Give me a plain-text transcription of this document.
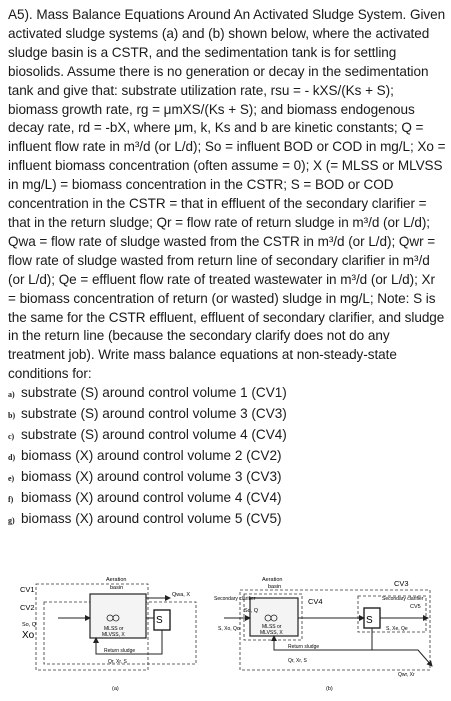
A5). Mass Balance Equations Around An Activated Sludge System. Given activated sludge systems (a) and (b) shown below, where the activated sludge basin is a CSTR, and the sedimentation tank is for settling biosolids. Assume there is no generation or decay in the sedimentation tank and give that: substrate utilization rate, rsu = - kXS/(Ks + S); biomass growth rate, rg = μmXS/(Ks + S); and biomass endogenous decay rate, rd = -bX, where μm, k, Ks and b are kinetic constants; Q = influent flow rate in m³/d (or L/d); So = influent BOD or COD in mg/L; Xo = influent biomass concentration (often assume = 0); X (= MLSS or MLVSS in mg/L) = biomass concentration in the CSTR; S = BOD or COD concentration in the CSTR = that in effluent of the secondary clarifier = that in the return sludge; Qr = flow rate of return sludge in m³/d (or L/d); Qwa = flow rate of sludge wasted from the CSTR in m³/d (or L/d); Qwr = flow rate of sludge wasted from return line of secondary clarifier in m³/d (or L/d); Qe = effluent flow rate of treated wastewater in m³/d (or L/d); Xr = biomass concentration of return (or wasted) sludge in mg/L; Note: S is the same for the CSTR effluent, effluent of secondary clarifier, and sludge in the return line (because the secondary clarify does not do any treatment job). Write mass balance equations at non-steady-state conditions for:

a) substrate (S) around control volume 1 (CV1)
b) substrate (S) around control volume 3 (CV3)
c) substrate (S) around control volume 4 (CV4)
d) biomass (X) around control volume 2 (CV2)
e) biomass (X) around control volume 3 (CV3)
f) biomass (X) around control volume 4 (CV4)
g) biomass (X) around control volume 5 (CV5)
Aeration
basin
Qwa, X
CV1
CV2
So, Q
Xo
MLSS or
MLVSS, X
S
Return sludge
Qr, Xr, S
(a)
Aeration
basin	CV3
CV4
Secondary clarifier	Secondary clarifier
CV5
So, Q
S, Xo, Qo	MLSS or
MLVSS, X
S
S, Xe, Qe
Return sludge
Qr, Xr, S
Qwr, Xr
(b)
